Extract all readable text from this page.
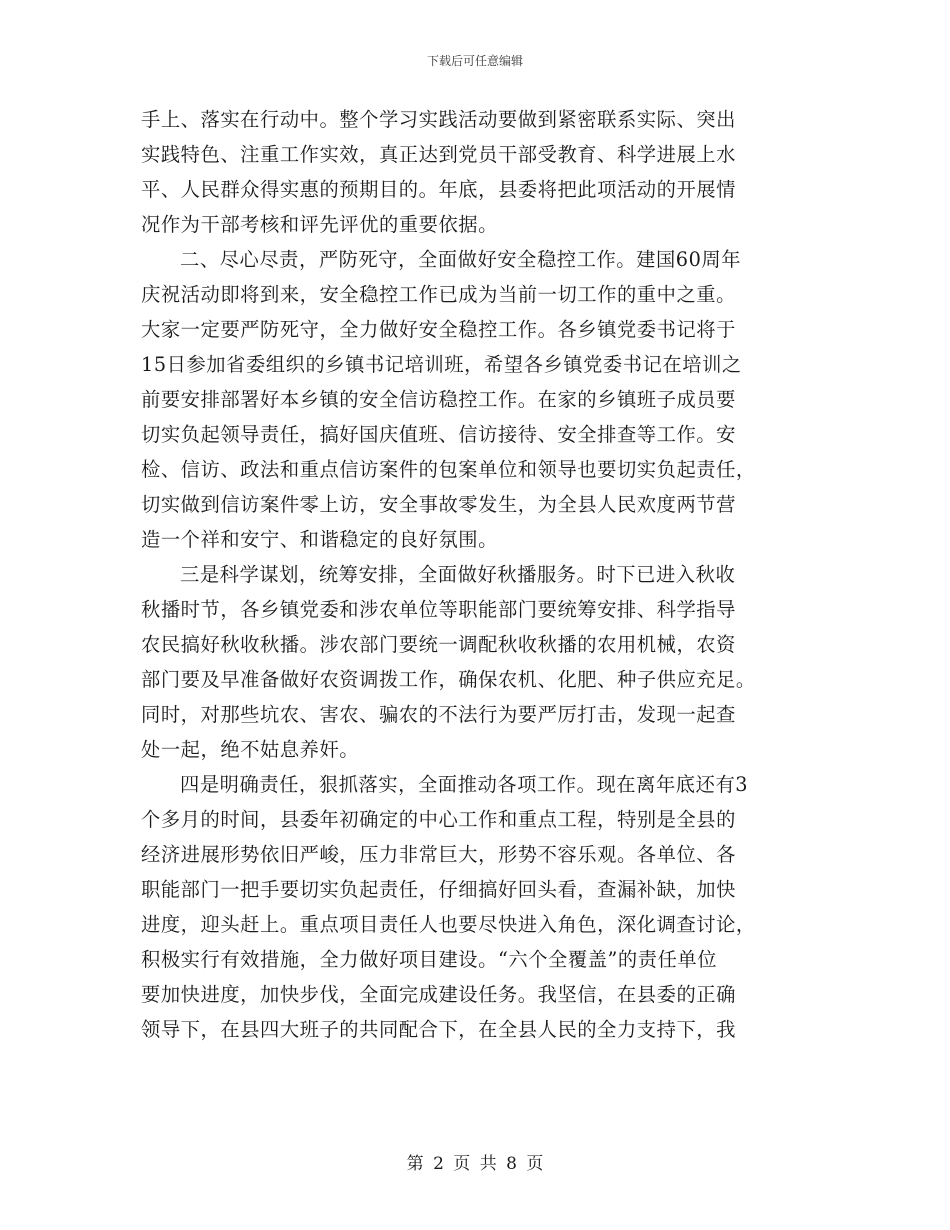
下载后可任意编辑
手上、落实在行动中。整个学习实践活动要做到紧密联系实际、突出
实践特色、注重工作实效，真正达到党员干部受教育、科学进展上水
平、人民群众得实惠的预期目的。年底，县委将把此项活动的开展情
况作为干部考核和评先评优的重要依据。
二、尽心尽责，严防死守，全面做好安全稳控工作。建国60周年
庆祝活动即将到来，安全稳控工作已成为当前一切工作的重中之重。
大家一定要严防死守，全力做好安全稳控工作。各乡镇党委书记将于
15日参加省委组织的乡镇书记培训班，希望各乡镇党委书记在培训之
前要安排部署好本乡镇的安全信访稳控工作。在家的乡镇班子成员要
切实负起领导责任，搞好国庆值班、信访接待、安全排查等工作。安
检、信访、政法和重点信访案件的包案单位和领导也要切实负起责任，
切实做到信访案件零上访，安全事故零发生，为全县人民欢度两节营
造一个祥和安宁、和谐稳定的良好氛围。
三是科学谋划，统筹安排，全面做好秋播服务。时下已进入秋收
秋播时节，各乡镇党委和涉农单位等职能部门要统筹安排、科学指导
农民搞好秋收秋播。涉农部门要统一调配秋收秋播的农用机械，农资
部门要及早准备做好农资调拨工作，确保农机、化肥、种子供应充足。
同时，对那些坑农、害农、骗农的不法行为要严厉打击，发现一起查
处一起，绝不姑息养奸。
四是明确责任，狠抓落实，全面推动各项工作。现在离年底还有3
个多月的时间，县委年初确定的中心工作和重点工程，特别是全县的
经济进展形势依旧严峻，压力非常巨大，形势不容乐观。各单位、各
职能部门一把手要切实负起责任，仔细搞好回头看，查漏补缺，加快
进度，迎头赶上。重点项目责任人也要尽快进入角色，深化调查讨论，
积极实行有效措施，全力做好项目建设。“六个全覆盖”的责任单位
要加快进度，加快步伐，全面完成建设任务。我坚信，在县委的正确
领导下，在县四大班子的共同配合下，在全县人民的全力支持下，我
第 2 页 共 8 页
